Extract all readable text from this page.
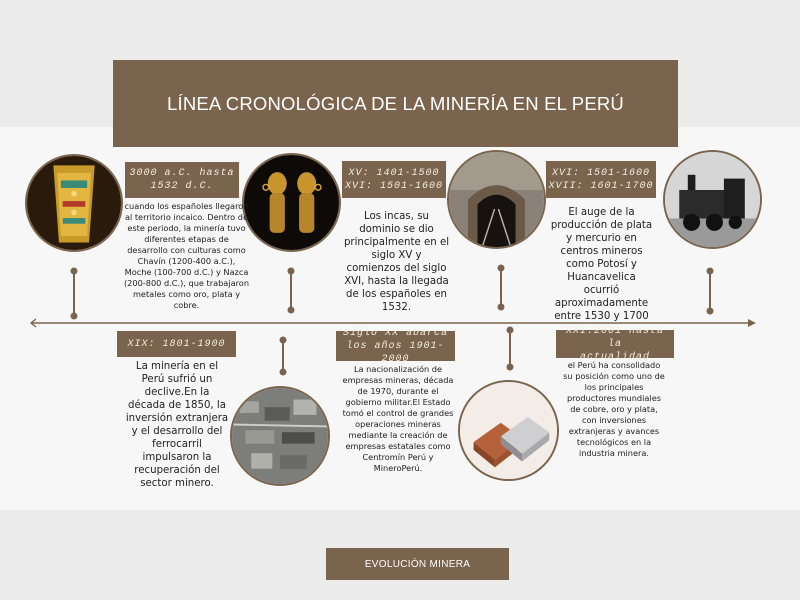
LÍNEA CRONOLÓGICA DE LA MINERÍA EN EL PERÚ
3000 a.C. hasta
1532 d.C.

cuando los españoles llegaron al territorio incaico. Dentro de este periodo, la minería tuvo diferentes etapas de desarrollo con culturas como Chavín (1200-400 a.C.), Moche (100-700 d.C.) y Nazca (200-800 d.C.), que trabajaron metales como oro, plata y cobre.

XV: 1401-1500
XVI: 1501-1600

Los incas, su dominio se dio principalmente en el siglo XV y comienzos del siglo XVI, hasta la llegada de los españoles en 1532.

XVI: 1501-1600
XVII: 1601-1700

El auge de la producción de plata y mercurio en centros mineros como Potosí y Huancavelica ocurrió aproximadamente entre 1530 y 1700

XIX: 1801-1900

La minería en el Perú sufrió un declive.En la década de 1850, la inversión extranjera y el desarrollo del ferrocarril impulsaron la recuperación del sector minero.

Siglo XX abarca
los años 1901-2000

La nacionalización de empresas mineras, década de 1970, durante el gobierno militar.El Estado tomó el control de grandes operaciones mineras mediante la creación de empresas estatales como Centromín Perú y MineroPerú.

XXI:2001 hasta la
actualidad

el Perú ha consolidado su posición como uno de los principales productores mundiales de cobre, oro y plata, con inversiones extranjeras y avances tecnológicos en la industria minera.

EVOLUCIÓN MINERA
